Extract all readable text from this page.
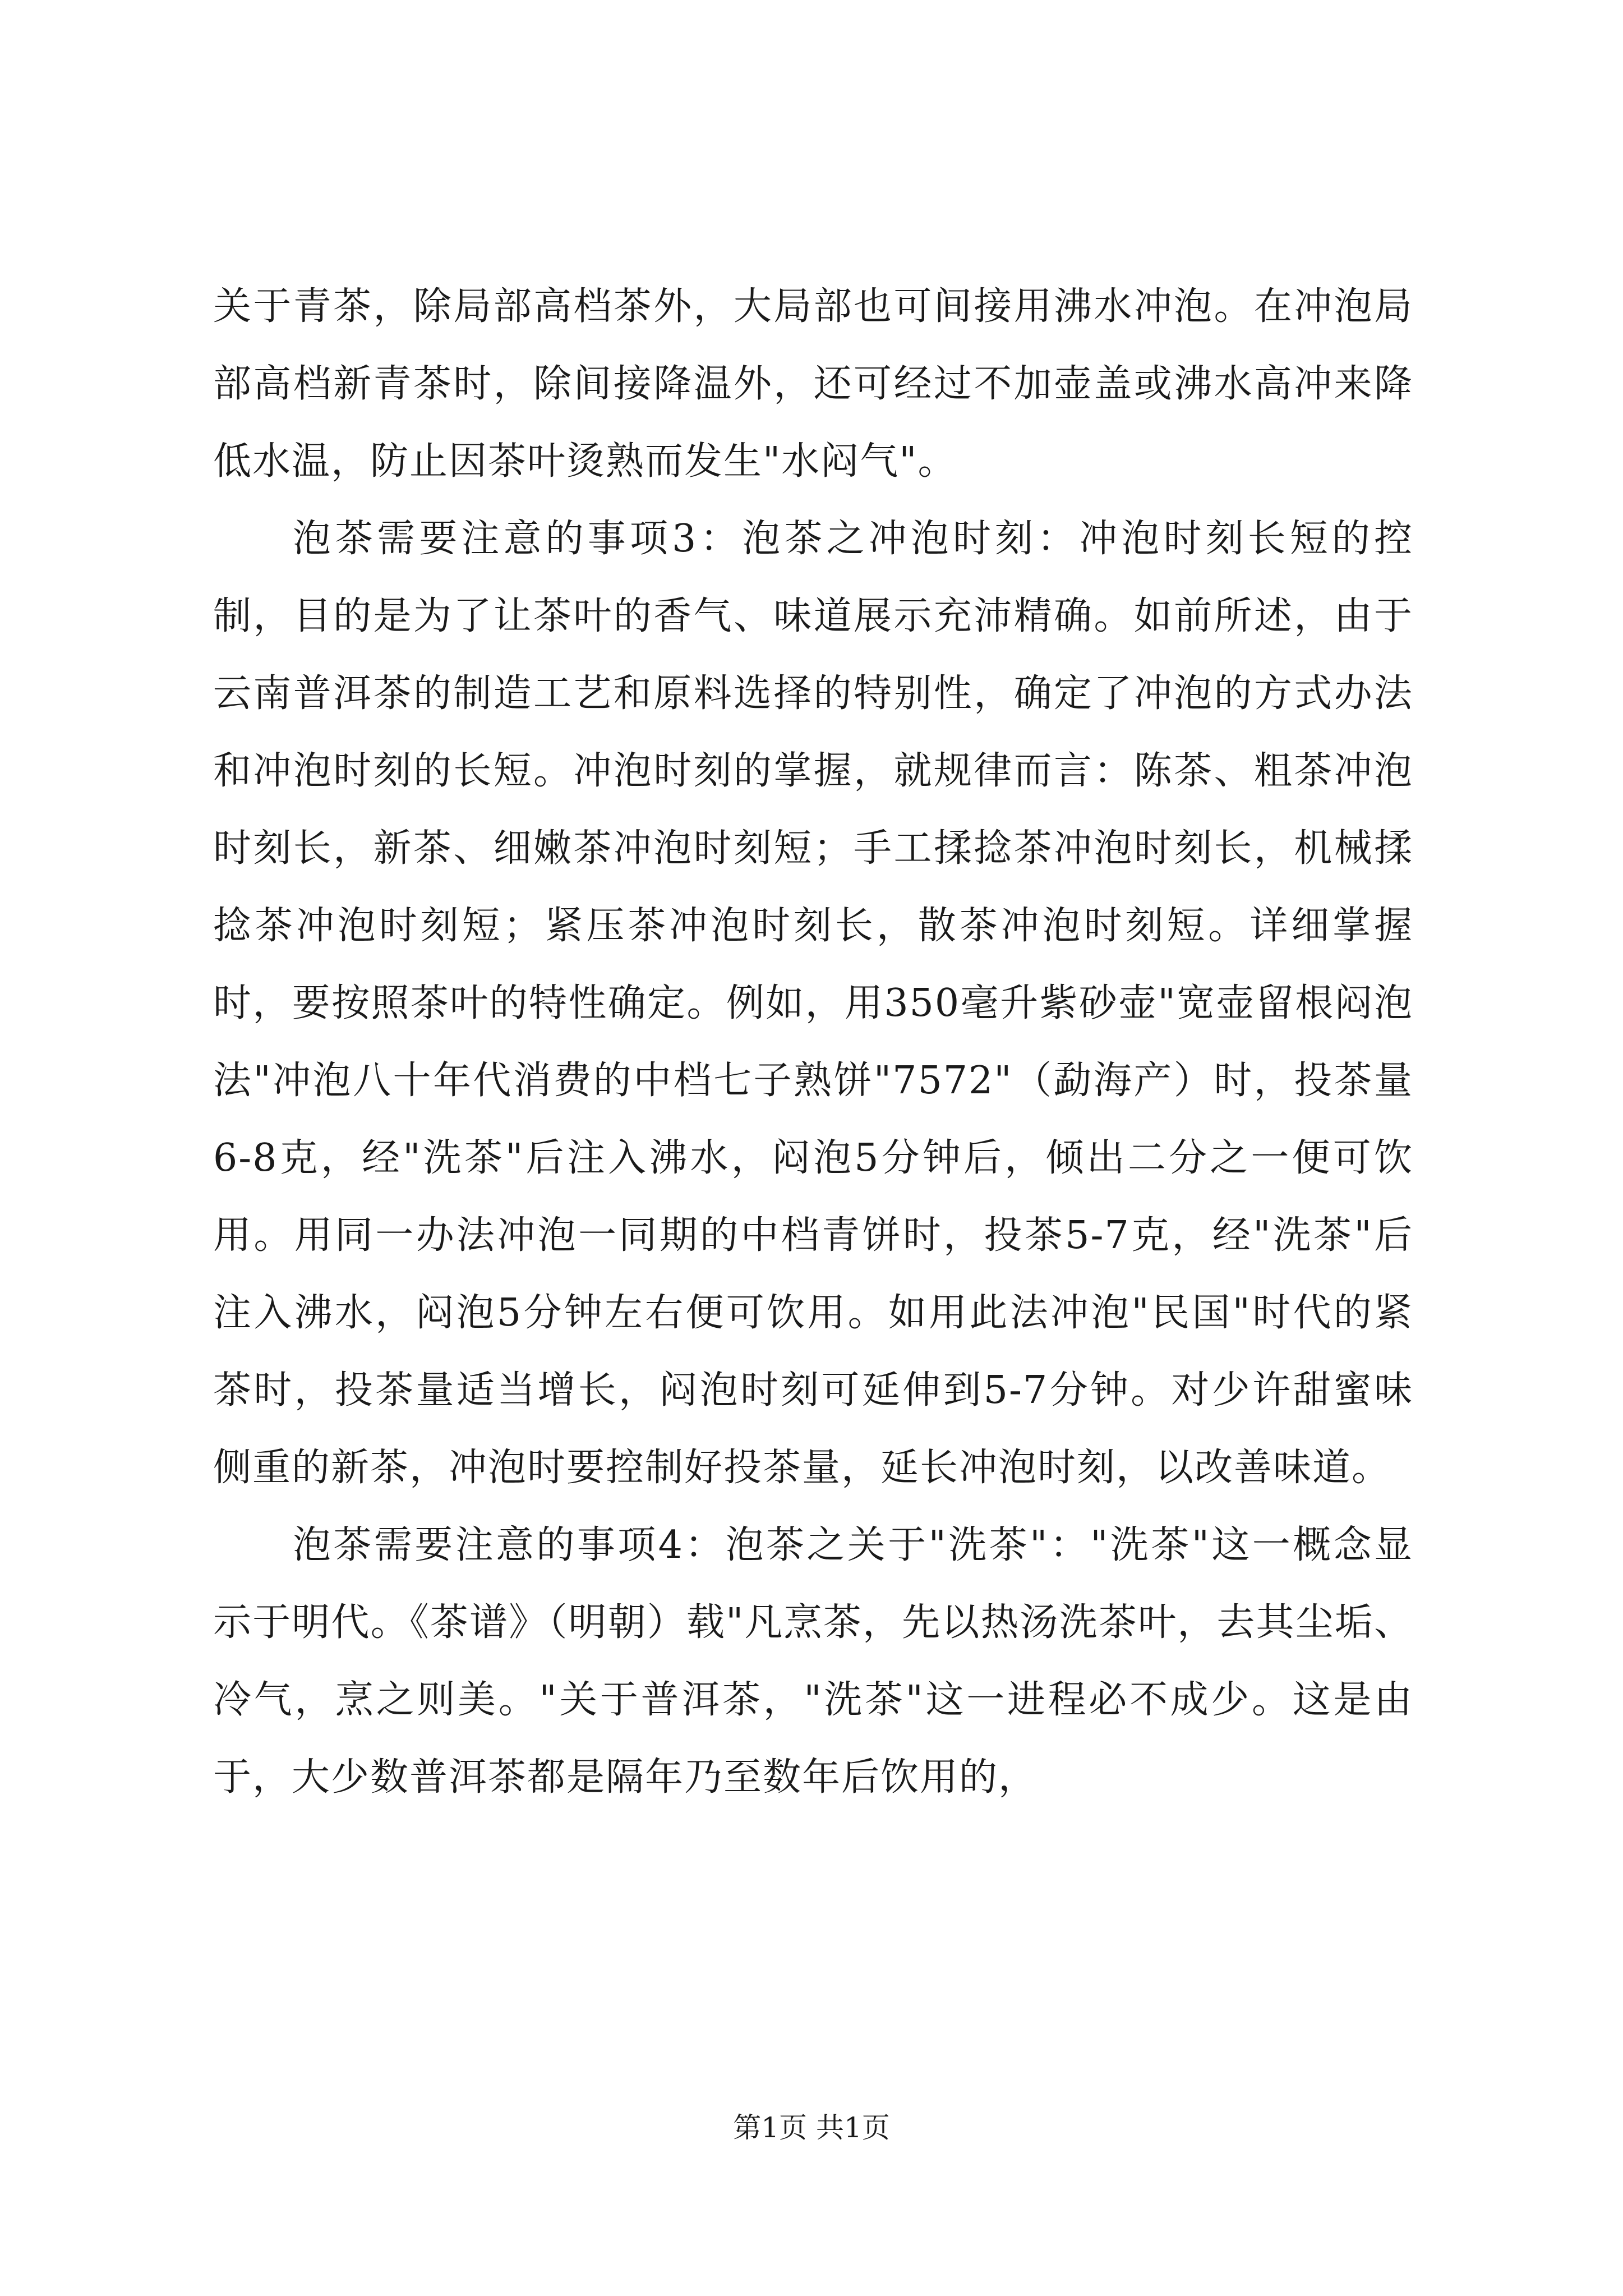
关于青茶，除局部高档茶外，大局部也可间接用沸水冲泡。在冲泡局部高档新青茶时，除间接降温外，还可经过不加壶盖或沸水高冲来降低水温，防止因茶叶烫熟而发生"水闷气"。

泡茶需要注意的事项3：泡茶之冲泡时刻：冲泡时刻长短的控制，目的是为了让茶叶的香气、味道展示充沛精确。如前所述，由于云南普洱茶的制造工艺和原料选择的特别性，确定了冲泡的方式办法和冲泡时刻的长短。冲泡时刻的掌握，就规律而言：陈茶、粗茶冲泡时刻长，新茶、细嫩茶冲泡时刻短；手工揉捻茶冲泡时刻长，机械揉捻茶冲泡时刻短；紧压茶冲泡时刻长，散茶冲泡时刻短。详细掌握时，要按照茶叶的特性确定。例如，用350毫升紫砂壶"宽壶留根闷泡法"冲泡八十年代消费的中档七子熟饼"7572"（勐海产）时，投茶量6-8克，经"洗茶"后注入沸水，闷泡5分钟后，倾出二分之一便可饮用。用同一办法冲泡一同期的中档青饼时，投茶5-7克，经"洗茶"后注入沸水，闷泡5分钟左右便可饮用。如用此法冲泡"民国"时代的紧茶时，投茶量适当增长，闷泡时刻可延伸到5-7分钟。对少许甜蜜味侧重的新茶，冲泡时要控制好投茶量，延长冲泡时刻，以改善味道。

泡茶需要注意的事项4：泡茶之关于"洗茶"："洗茶"这一概念显示于明代。《茶谱》（明朝）载"凡烹茶，先以热汤洗茶叶，去其尘垢、冷气，烹之则美。"关于普洱茶，"洗茶"这一进程必不成少。这是由于，大少数普洱茶都是隔年乃至数年后饮用的，

第1页 共1页
